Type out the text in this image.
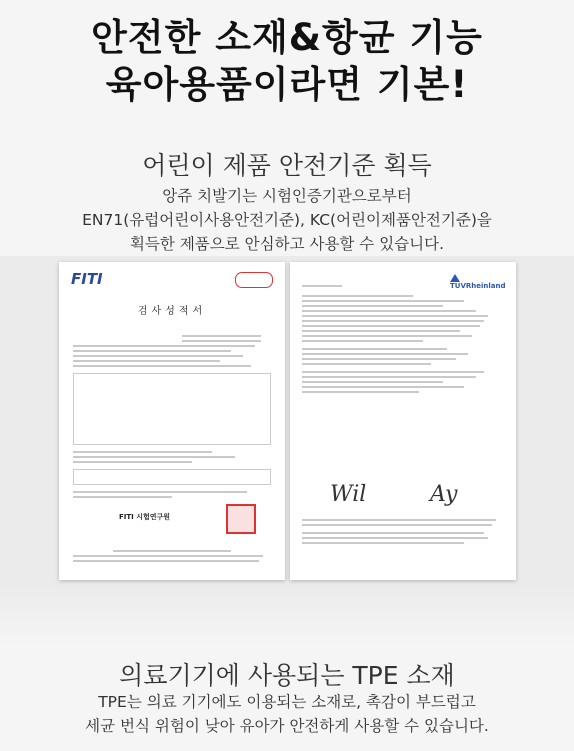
안전한 소재&항균 기능
육아용품이라면 기본!
어린이 제품 안전기준 획득
앙쥬 치발기는 시험인증기관으로부터
EN71(유럽어린이사용안전기준), KC(어린이제품안전기준)을
획득한 제품으로 안심하고 사용할 수 있습니다.
FITI
검사성적서
FITI 시험연구원
TÜVRheinland
Wil	Ay
의료기기에 사용되는 TPE 소재
TPE는 의료 기기에도 이용되는 소재로, 촉감이 부드럽고
세균 번식 위험이 낮아 유아가 안전하게 사용할 수 있습니다.
